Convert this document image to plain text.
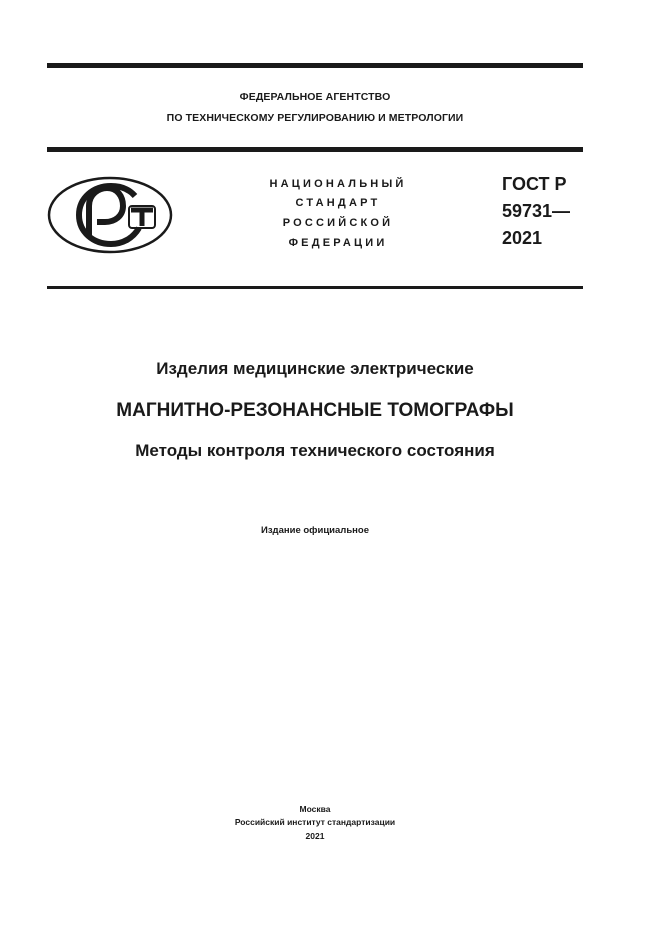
ФЕДЕРАЛЬНОЕ АГЕНТСТВО
ПО ТЕХНИЧЕСКОМУ РЕГУЛИРОВАНИЮ И МЕТРОЛОГИИ
НАЦИОНАЛЬНЫЙ
СТАНДАРТ
РОССИЙСКОЙ
ФЕДЕРАЦИИ
ГОСТ Р
59731—
2021
Изделия медицинские электрические
МАГНИТНО-РЕЗОНАНСНЫЕ ТОМОГРАФЫ
Методы контроля технического состояния
Издание официальное
Москва
Российский институт стандартизации
2021
